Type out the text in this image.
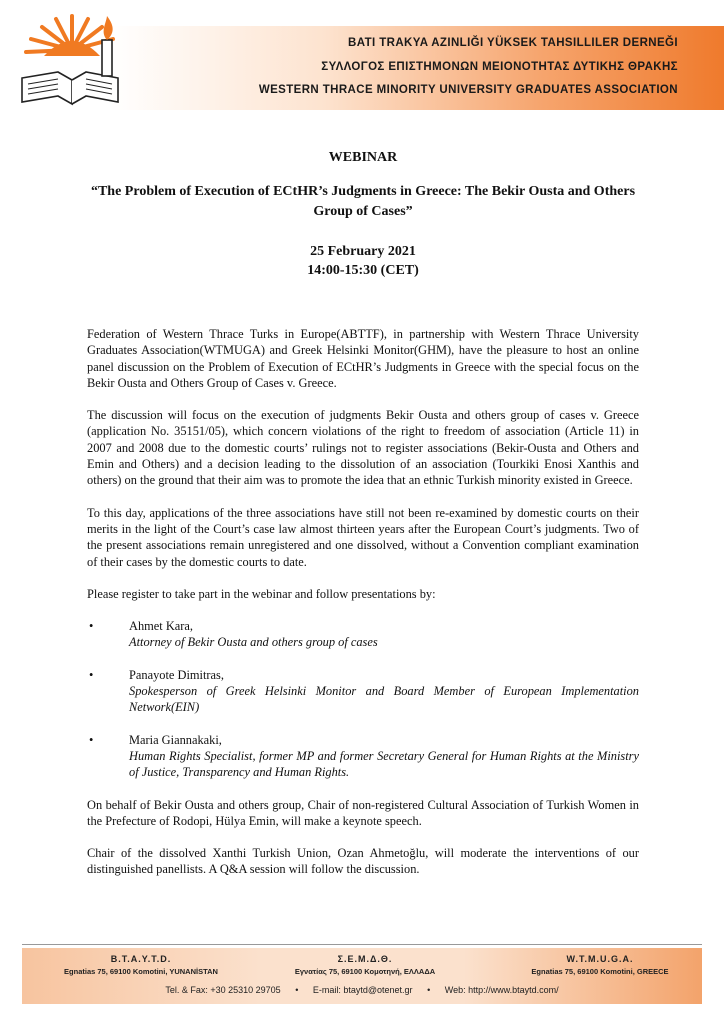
BATI TRAKYA AZINLIĞI YÜKSEK TAHSILLILER DERNEĞI
ΣΥΛΛΟΓΟΣ ΕΠΙΣΤΗΜΟΝΩΝ ΜΕΙΟΝΟΤΗΤΑΣ ΔΥΤΙΚΗΣ ΘΡΑΚΗΣ
WESTERN THRACE MINORITY UNIVERSITY GRADUATES ASSOCIATION
WEBINAR
“The Problem of Execution of ECtHR’s Judgments in Greece: The Bekir Ousta and Others Group of Cases”
25 February 2021
14:00-15:30 (CET)

Federation of Western Thrace Turks in Europe(ABTTF), in partnership with Western Thrace University Graduates Association(WTMUGA) and Greek Helsinki Monitor(GHM), have the pleasure to host an online panel discussion on the Problem of Execution of ECtHR’s Judgments in Greece with the special focus on the Bekir Ousta and Others Group of Cases v. Greece.

The discussion will focus on the execution of judgments Bekir Ousta and others group of cases v. Greece (application No. 35151/05), which concern violations of the right to freedom of association (Article 11) in 2007 and 2008 due to the domestic courts’ rulings not to register associations (Bekir-Ousta and Others and Emin and Others) and a decision leading to the dissolution of an association (Tourkiki Enosi Xanthis and others) on the ground that their aim was to promote the idea that an ethnic Turkish minority existed in Greece.

To this day, applications of the three associations have still not been re-examined by domestic courts on their merits in the light of the Court’s case law almost thirteen years after the European Court’s judgments. Two of the present associations remain unregistered and one dissolved, without a Convention compliant examination of their cases by the domestic courts to date.

Please register to take part in the webinar and follow presentations by:

•	Ahmet Kara,
Attorney of Bekir Ousta and others group of cases
•	Panayote Dimitras,
Spokesperson of Greek Helsinki Monitor and Board Member of European Implementation Network(EIN)
•	Maria Giannakaki,
Human Rights Specialist, former MP and former Secretary General for Human Rights at the Ministry of Justice, Transparency and Human Rights.

On behalf of Bekir Ousta and others group, Chair of non-registered Cultural Association of Turkish Women in the Prefecture of Rodopi, Hülya Emin, will make a keynote speech.

Chair of the dissolved Xanthi Turkish Union, Ozan Ahmetoğlu, will moderate the interventions of our distinguished panellists. A Q&A session will follow the discussion.

B.T.A.Y.T.D.
Egnatias 75, 69100 Komotini, YUNANİSTAN
Σ.Ε.Μ.Δ.Θ.
Εγνατίας 75, 69100 Κομοτηνή, ΕΛΛΑΔΑ
W.T.M.U.G.A.
Egnatias 75, 69100 Komotini, GREECE
Tel. & Fax: +30 25310 29705 • E-mail: btaytd@otenet.gr • Web: http://www.btaytd.com/
